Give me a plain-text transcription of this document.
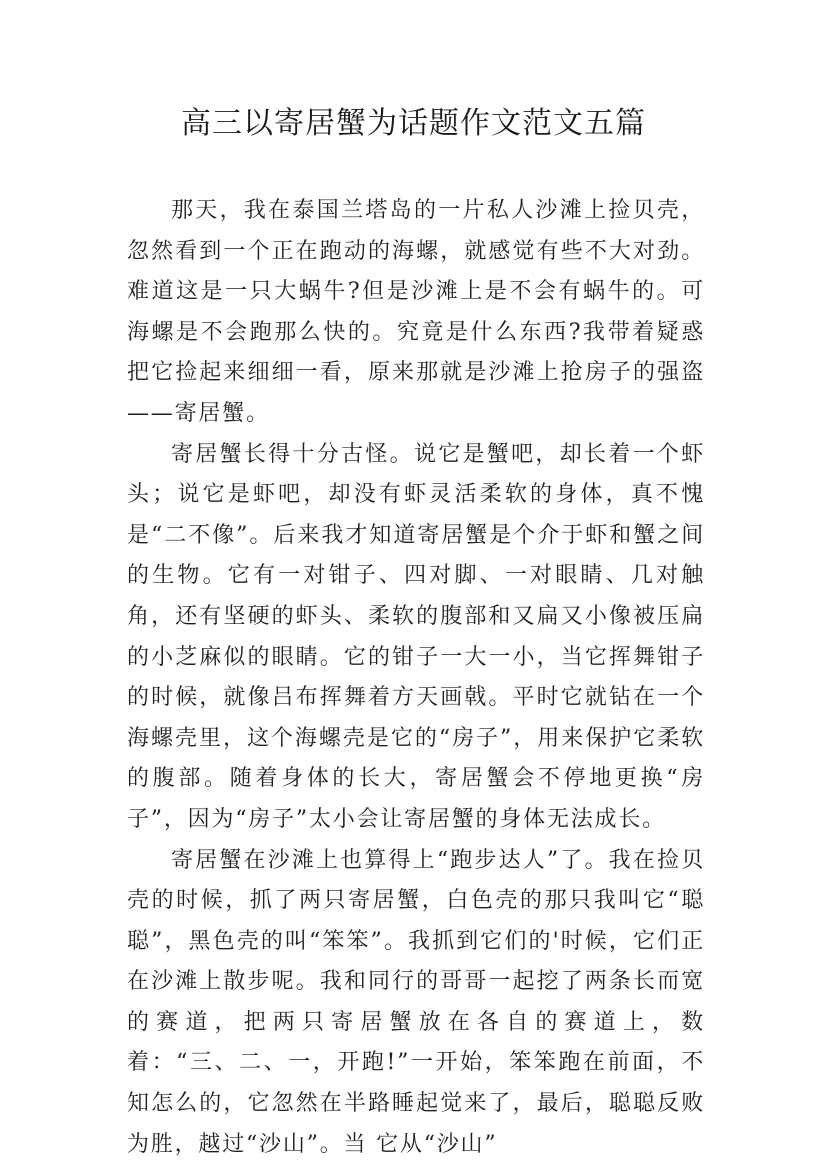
高三以寄居蟹为话题作文范文五篇

那天，我在泰国兰塔岛的一片私人沙滩上捡贝壳，忽然看到一个正在跑动的海螺，就感觉有些不大对劲。难道这是一只大蜗牛?但是沙滩上是不会有蜗牛的。可海螺是不会跑那么快的。究竟是什么东西?我带着疑惑把它捡起来细细一看，原来那就是沙滩上抢房子的强盗——寄居蟹。

寄居蟹长得十分古怪。说它是蟹吧，却长着一个虾头；说它是虾吧，却没有虾灵活柔软的身体，真不愧是“二不像”。后来我才知道寄居蟹是个介于虾和蟹之间的生物。它有一对钳子、四对脚、一对眼睛、几对触角，还有坚硬的虾头、柔软的腹部和又扁又小像被压扁的小芝麻似的眼睛。它的钳子一大一小，当它挥舞钳子的时候，就像吕布挥舞着方天画戟。平时它就钻在一个海螺壳里，这个海螺壳是它的“房子”，用来保护它柔软的腹部。随着身体的长大，寄居蟹会不停地更换“房子”，因为“房子”太小会让寄居蟹的身体无法成长。

寄居蟹在沙滩上也算得上“跑步达人”了。我在捡贝壳的时候，抓了两只寄居蟹，白色壳的那只我叫它“聪聪”，黑色壳的叫“笨笨”。我抓到它们的'时候，它们正在沙滩上散步呢。我和同行的哥哥一起挖了两条长而宽的赛道，把两只寄居蟹放在各自的赛道上，数着：“三、二、一，开跑!”一开始，笨笨跑在前面，不知怎么的，它忽然在半路睡起觉来了，最后，聪聪反败为胜，越过“沙山”。当 它从“沙山”
